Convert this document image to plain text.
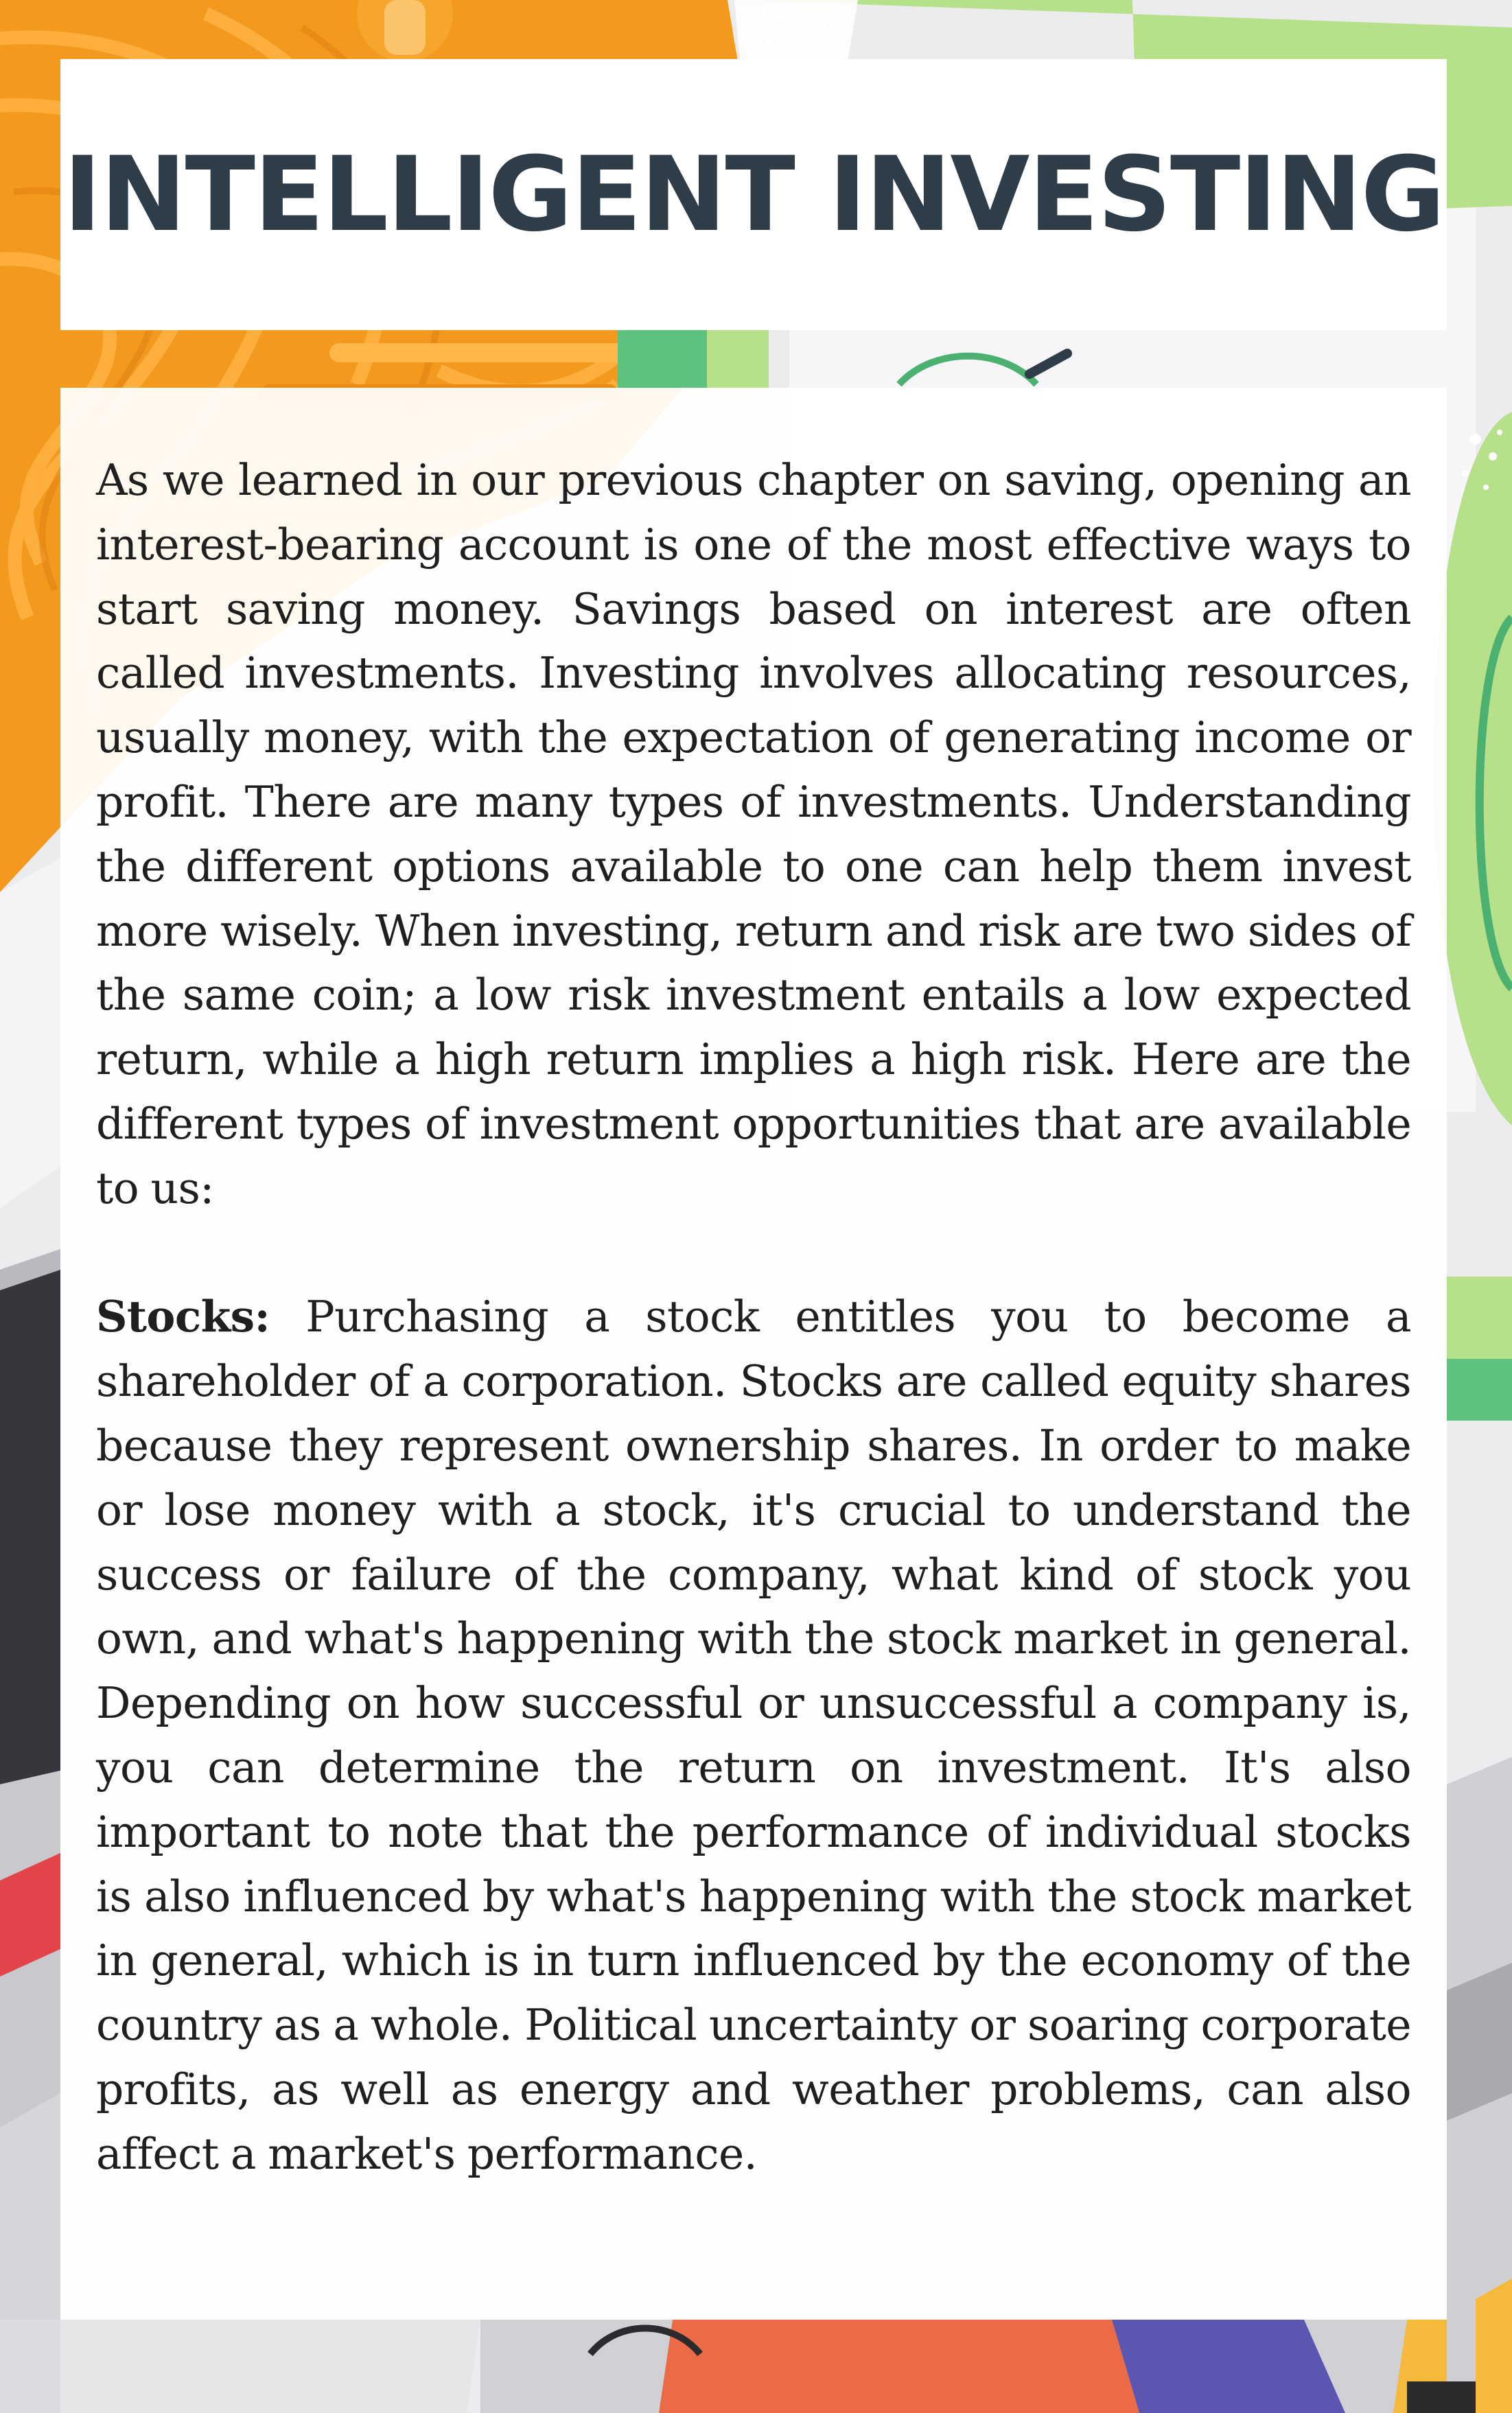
INTELLIGENT INVESTING

As we learned in our previous chapter on saving, opening an interest-bearing account is one of the most effective ways to start saving money. Savings based on interest are often called investments. Investing involves allocating resources, usually money, with the expectation of generating income or profit. There are many types of investments. Understanding the different options available to one can help them invest more wisely. When investing, return and risk are two sides of the same coin; a low risk investment entails a low expected return, while a high return implies a high risk. Here are the different types of investment opportunities that are available to us:

Stocks: Purchasing a stock entitles you to become a shareholder of a corporation. Stocks are called equity shares because they represent ownership shares. In order to make or lose money with a stock, it's crucial to understand the success or failure of the company, what kind of stock you own, and what's happening with the stock market in general. Depending on how successful or unsuccessful a company is, you can determine the return on investment. It's also important to note that the performance of individual stocks is also influenced by what's happening with the stock market in general, which is in turn influenced by the economy of the country as a whole. Political uncertainty or soaring corporate profits, as well as energy and weather problems, can also affect a market's performance.
